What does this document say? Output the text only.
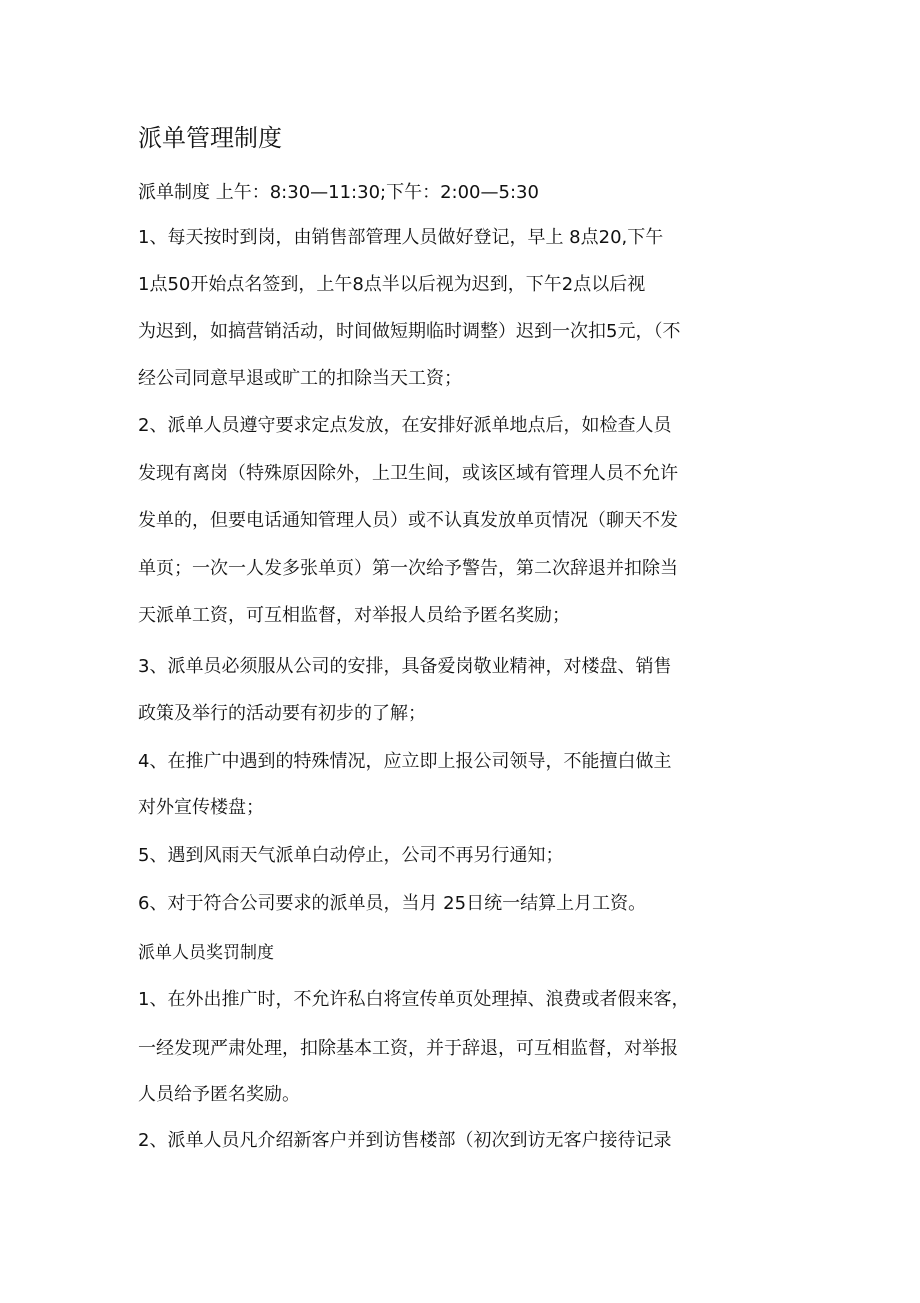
派单管理制度
派单制度 上午：8:30—11:30;下午：2:00—5:30
1、每天按时到岗，由销售部管理人员做好登记，早上 8点20,下午
1点50开始点名签到，上午8点半以后视为迟到，下午2点以后视
为迟到，如搞营销活动，时间做短期临时调整）迟到一次扣5元，（不
经公司同意早退或旷工的扣除当天工资；
2、派单人员遵守要求定点发放，在安排好派单地点后，如检查人员
发现有离岗（特殊原因除外，上卫生间，或该区域有管理人员不允许
发单的，但要电话通知管理人员）或不认真发放单页情况（聊天不发
单页；一次一人发多张单页）第一次给予警告，第二次辞退并扣除当
天派单工资，可互相监督，对举报人员给予匿名奖励；
3、派单员必须服从公司的安排，具备爱岗敬业精神，对楼盘、销售
政策及举行的活动要有初步的了解；
4、在推广中遇到的特殊情况，应立即上报公司领导，不能擅白做主
对外宣传楼盘；
5、遇到风雨天气派单白动停止，公司不再另行通知；
6、对于符合公司要求的派单员，当月 25日统一结算上月工资。
派单人员奖罚制度
1、在外出推广时，不允许私白将宣传单页处理掉、浪费或者假来客，
一经发现严肃处理，扣除基本工资，并于辞退，可互相监督，对举报
人员给予匿名奖励。
2、派单人员凡介绍新客户并到访售楼部（初次到访无客户接待记录
